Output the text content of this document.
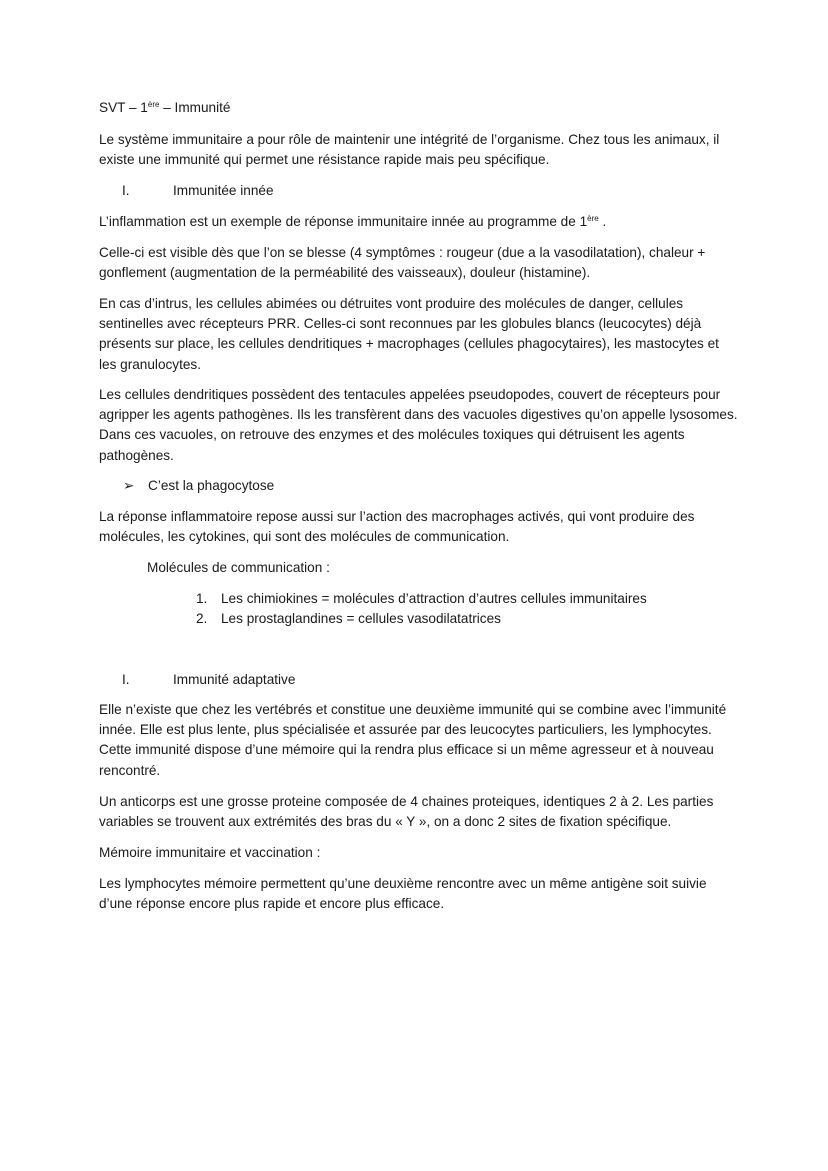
SVT – 1ère – Immunité

Le système immunitaire a pour rôle de maintenir une intégrité de l’organisme. Chez tous les animaux, il existe une immunité qui permet une résistance rapide mais peu spécifique.

I.	Immunitée innée

L’inflammation est un exemple de réponse immunitaire innée au programme de 1ère .

Celle-ci est visible dès que l’on se blesse (4 symptômes : rougeur (due a la vasodilatation), chaleur + gonflement (augmentation de la perméabilité des vaisseaux), douleur (histamine).

En cas d’intrus, les cellules abimées ou détruites vont produire des molécules de danger, cellules sentinelles avec récepteurs PRR. Celles-ci sont reconnues par les globules blancs (leucocytes) déjà présents sur place, les cellules dendritiques + macrophages (cellules phagocytaires), les mastocytes et les granulocytes.

Les cellules dendritiques possèdent des tentacules appelées pseudopodes, couvert de récepteurs pour agripper les agents pathogènes. Ils les transfèrent dans des vacuoles digestives qu’on appelle lysosomes. Dans ces vacuoles, on retrouve des enzymes et des molécules toxiques qui détruisent les agents pathogènes.

➢ C’est la phagocytose

La réponse inflammatoire repose aussi sur l’action des macrophages activés, qui vont produire des molécules, les cytokines, qui sont des molécules de communication.

Molécules de communication :

1. Les chimiokines = molécules d’attraction d’autres cellules immunitaires
2. Les prostaglandines = cellules vasodilatatrices
I.	Immunité adaptative

Elle n’existe que chez les vertébrés et constitue une deuxième immunité qui se combine avec l’immunité innée. Elle est plus lente, plus spécialisée et assurée par des leucocytes particuliers, les lymphocytes. Cette immunité dispose d’une mémoire qui la rendra plus efficace si un même agresseur et à nouveau rencontré.

Un anticorps est une grosse proteine composée de 4 chaines proteiques, identiques 2 à 2. Les parties variables se trouvent aux extrémités des bras du « Y », on a donc 2 sites de fixation spécifique.

Mémoire immunitaire et vaccination :

Les lymphocytes mémoire permettent qu’une deuxième rencontre avec un même antigène soit suivie d’une réponse encore plus rapide et encore plus efficace.
